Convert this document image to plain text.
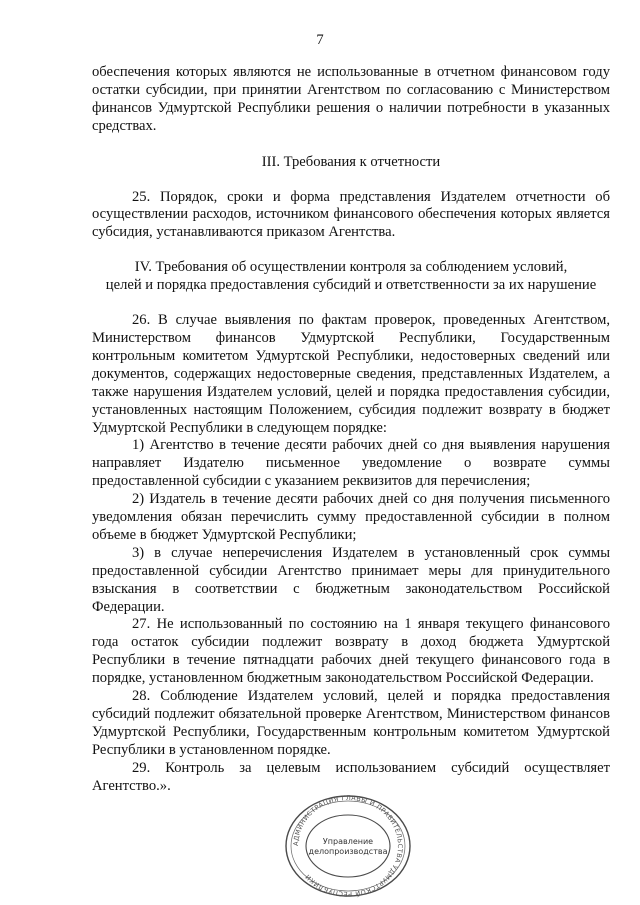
7

обеспечения которых являются не использованные в отчетном финансовом году остатки субсидии, при принятии Агентством по согласованию с Министерством финансов Удмуртской Республики решения о наличии потребности в указанных средствах.

III. Требования к отчетности

25. Порядок, сроки и форма представления Издателем отчетности об осуществлении расходов, источником финансового обеспечения которых является субсидия, устанавливаются приказом Агентства.

IV. Требования об осуществлении контроля за соблюдением условий,

целей и порядка предоставления субсидий и ответственности за их нарушение

26. В случае выявления по фактам проверок, проведенных Агентством, Министерством финансов Удмуртской Республики, Государственным контрольным комитетом Удмуртской Республики, недостоверных сведений или документов, содержащих недостоверные сведения, представленных Издателем, а также нарушения Издателем условий, целей и порядка предоставления субсидии, установленных настоящим Положением, субсидия подлежит возврату в бюджет Удмуртской Республики в следующем порядке:

1) Агентство в течение десяти рабочих дней со дня выявления нарушения направляет Издателю письменное уведомление о возврате суммы предоставленной субсидии с указанием реквизитов для перечисления;

2) Издатель в течение десяти рабочих дней со дня получения письменного уведомления обязан перечислить сумму предоставленной субсидии в полном объеме в бюджет Удмуртской Республики;

3) в случае неперечисления Издателем в установленный срок суммы предоставленной субсидии Агентство принимает меры для принудительного взыскания в соответствии с бюджетным законодательством Российской Федерации.

27. Не использованный по состоянию на 1 января текущего финансового года остаток субсидии подлежит возврату в доход бюджета Удмуртской Республики в течение пятнадцати рабочих дней текущего финансового года в порядке, установленном бюджетным законодательством Российской Федерации.

28. Соблюдение Издателем условий, целей и порядка предоставления субсидий подлежит обязательной проверке Агентством, Министерством финансов Удмуртской Республики, Государственным контрольным комитетом Удмуртской Республики в установленном порядке.

29. Контроль за целевым использованием субсидий осуществляет Агентство.».

АДМИНИСТРАЦИЯ ГЛАВЫ И ПРАВИТЕЛЬСТВА УДМУРТСКОЙ РЕСПУБЛИКИ
Управление
делопроизводства
